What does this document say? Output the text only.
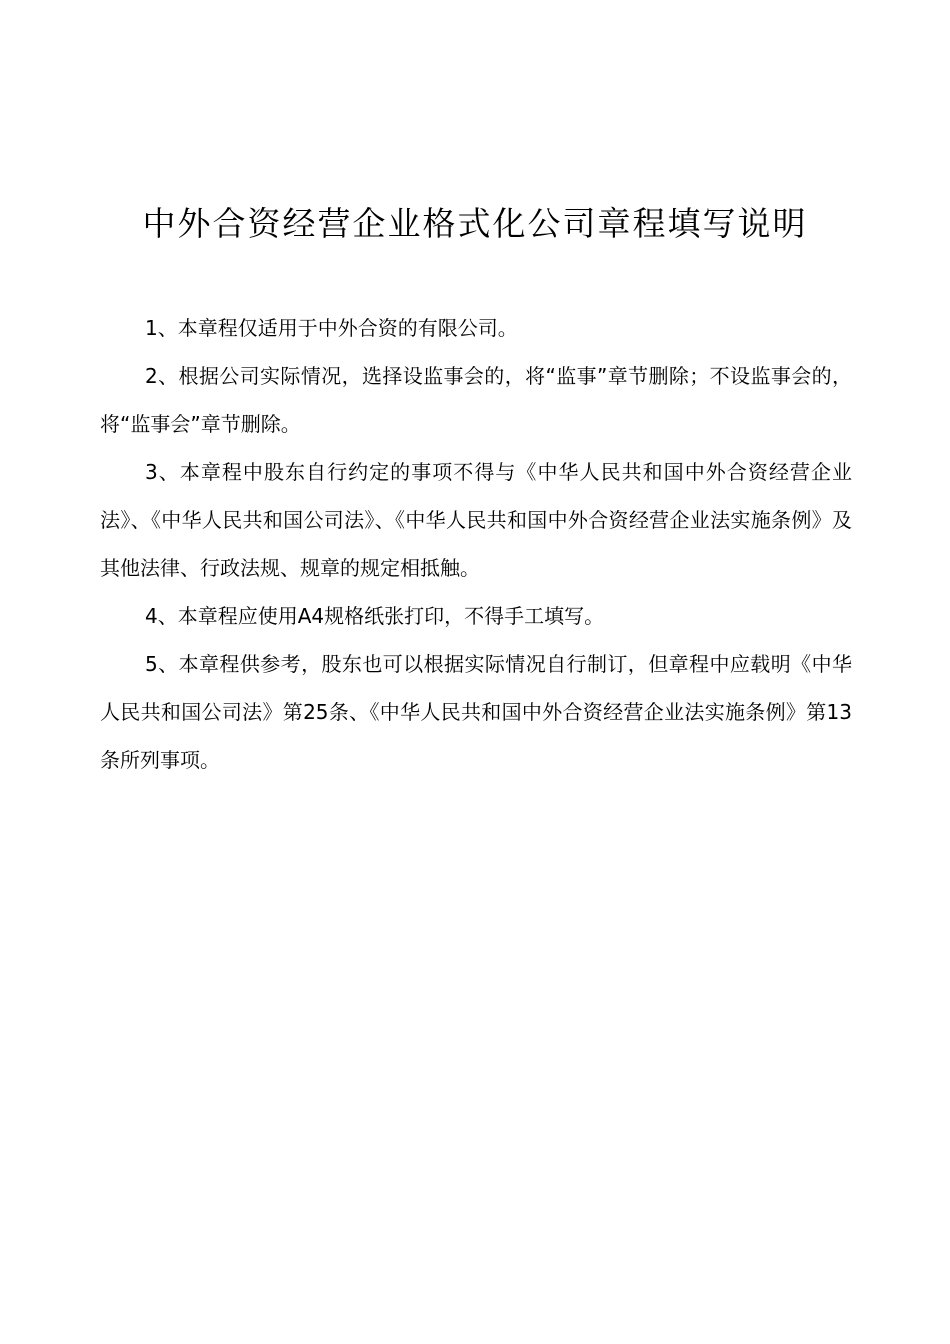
中外合资经营企业格式化公司章程填写说明

1、本章程仅适用于中外合资的有限公司。

2、根据公司实际情况，选择设监事会的，将“监事”章节删除；不设监事会的，将“监事会”章节删除。

3、本章程中股东自行约定的事项不得与《中华人民共和国中外合资经营企业法》、《中华人民共和国公司法》、《中华人民共和国中外合资经营企业法实施条例》及其他法律、行政法规、规章的规定相抵触。

4、本章程应使用A4规格纸张打印，不得手工填写。

5、本章程供参考，股东也可以根据实际情况自行制订，但章程中应载明《中华人民共和国公司法》第25条、《中华人民共和国中外合资经营企业法实施条例》第13条所列事项。
